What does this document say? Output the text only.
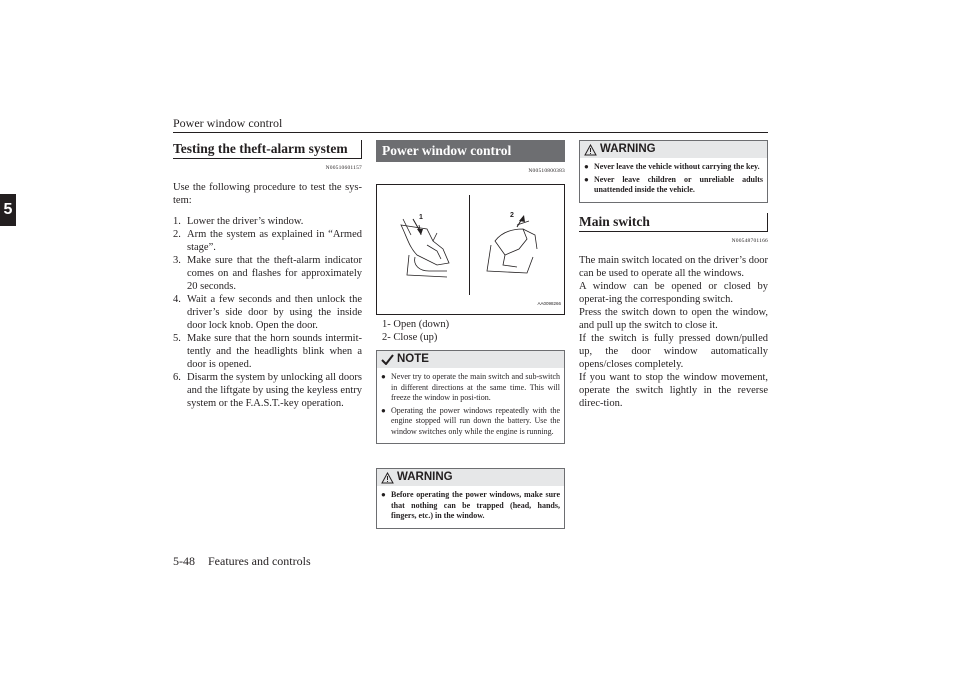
Power window control
5
Testing the theft-alarm system
N00510601157

Use the following procedure to test the sys-tem:

1. Lower the driver’s window.
2. Arm the system as explained in “Armed stage”.
3. Make sure that the theft-alarm indicator comes on and flashes for approximately 20 seconds.
4. Wait a few seconds and then unlock the driver’s side door by using the inside door lock knob. Open the door.
5. Make sure that the horn sounds intermit-tently and the headlights blink when a door is opened.
6. Disarm the system by unlocking all doors and the liftgate by using the keyless entry system or the F.A.S.T.-key operation.
Power window control
N00510800383
1	2
AA0098266
1- Open (down)
2- Close (up)
NOTE
● Never try to operate the main switch and sub-switch in different directions at the same time. This will freeze the window in posi-tion.
● Operating the power windows repeatedly with the engine stopped will run down the battery. Use the window switches only while the engine is running.
WARNING
● Before operating the power windows, make sure that nothing can be trapped (head, hands, fingers, etc.) in the window.
WARNING
● Never leave the vehicle without carrying the key.
● Never leave children or unreliable adults unattended inside the vehicle.
Main switch
N00548701166

The main switch located on the driver’s door can be used to operate all the windows.

A window can be opened or closed by operat-ing the corresponding switch.

Press the switch down to open the window, and pull up the switch to close it.

If the switch is fully pressed down/pulled up, the door window automatically opens/closes completely.

If you want to stop the window movement, operate the switch lightly in the reverse direc-tion.

5-48 Features and controls
